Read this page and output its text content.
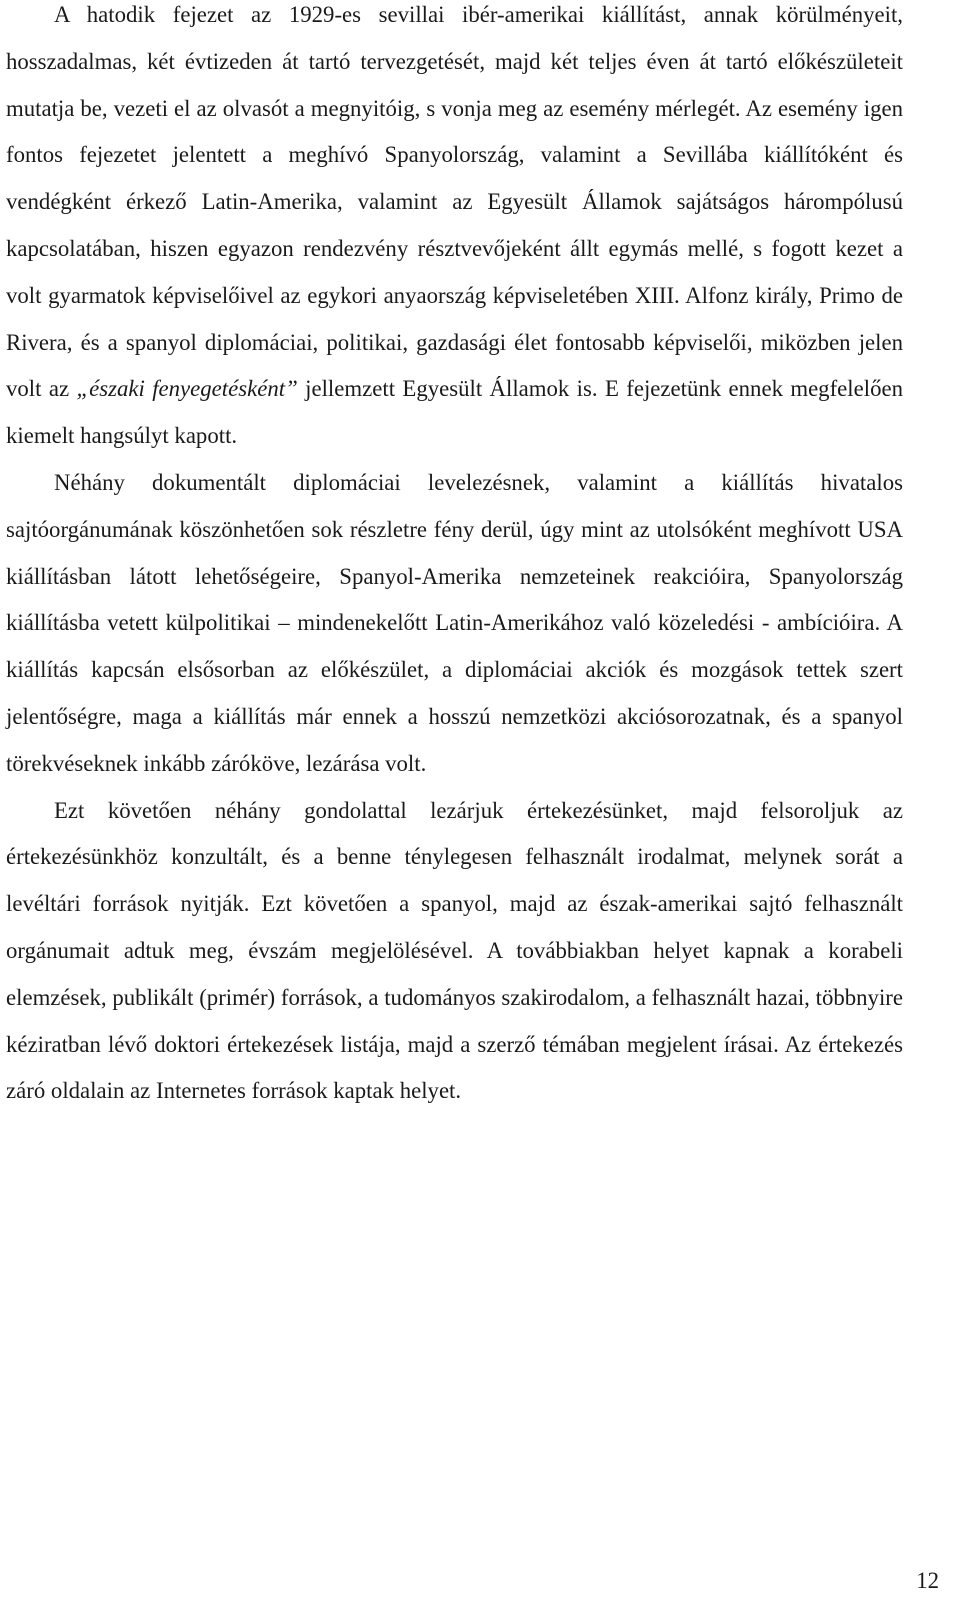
A hatodik fejezet az 1929-es sevillai ibér-amerikai kiállítást, annak körülményeit, hosszadalmas, két évtizeden át tartó tervezgetését, majd két teljes éven át tartó előkészületeit mutatja be, vezeti el az olvasót a megnyitóig, s vonja meg az esemény mérlegét. Az esemény igen fontos fejezetet jelentett a meghívó Spanyolország, valamint a Sevillába kiállítóként és vendégként érkező Latin-Amerika, valamint az Egyesült Államok sajátságos hárompólusú kapcsolatában, hiszen egyazon rendezvény résztvevőjeként állt egymás mellé, s fogott kezet a volt gyarmatok képviselőivel az egykori anyaország képviseletében XIII. Alfonz király, Primo de Rivera, és a spanyol diplomáciai, politikai, gazdasági élet fontosabb képviselői, miközben jelen volt az „északi fenyegetésként” jellemzett Egyesült Államok is. E fejezetünk ennek megfelelően kiemelt hangsúlyt kapott.

Néhány dokumentált diplomáciai levelezésnek, valamint a kiállítás hivatalos sajtóorgánumának köszönhetően sok részletre fény derül, úgy mint az utolsóként meghívott USA kiállításban látott lehetőségeire, Spanyol-Amerika nemzeteinek reakcióira, Spanyolország kiállításba vetett külpolitikai – mindenekelőtt Latin-Amerikához való közeledési - ambícióira. A kiállítás kapcsán elsősorban az előkészület, a diplomáciai akciók és mozgások tettek szert jelentőségre, maga a kiállítás már ennek a hosszú nemzetközi akciósorozatnak, és a spanyol törekvéseknek inkább záróköve, lezárása volt.

Ezt követően néhány gondolattal lezárjuk értekezésünket, majd felsoroljuk az értekezésünkhöz konzultált, és a benne ténylegesen felhasznált irodalmat, melynek sorát a levéltári források nyitják. Ezt követően a spanyol, majd az észak-amerikai sajtó felhasznált orgánumait adtuk meg, évszám megjelölésével. A továbbiakban helyet kapnak a korabeli elemzések, publikált (primér) források, a tudományos szakirodalom, a felhasznált hazai, többnyire kéziratban lévő doktori értekezések listája, majd a szerző témában megjelent írásai. Az értekezés záró oldalain az Internetes források kaptak helyet.

12
